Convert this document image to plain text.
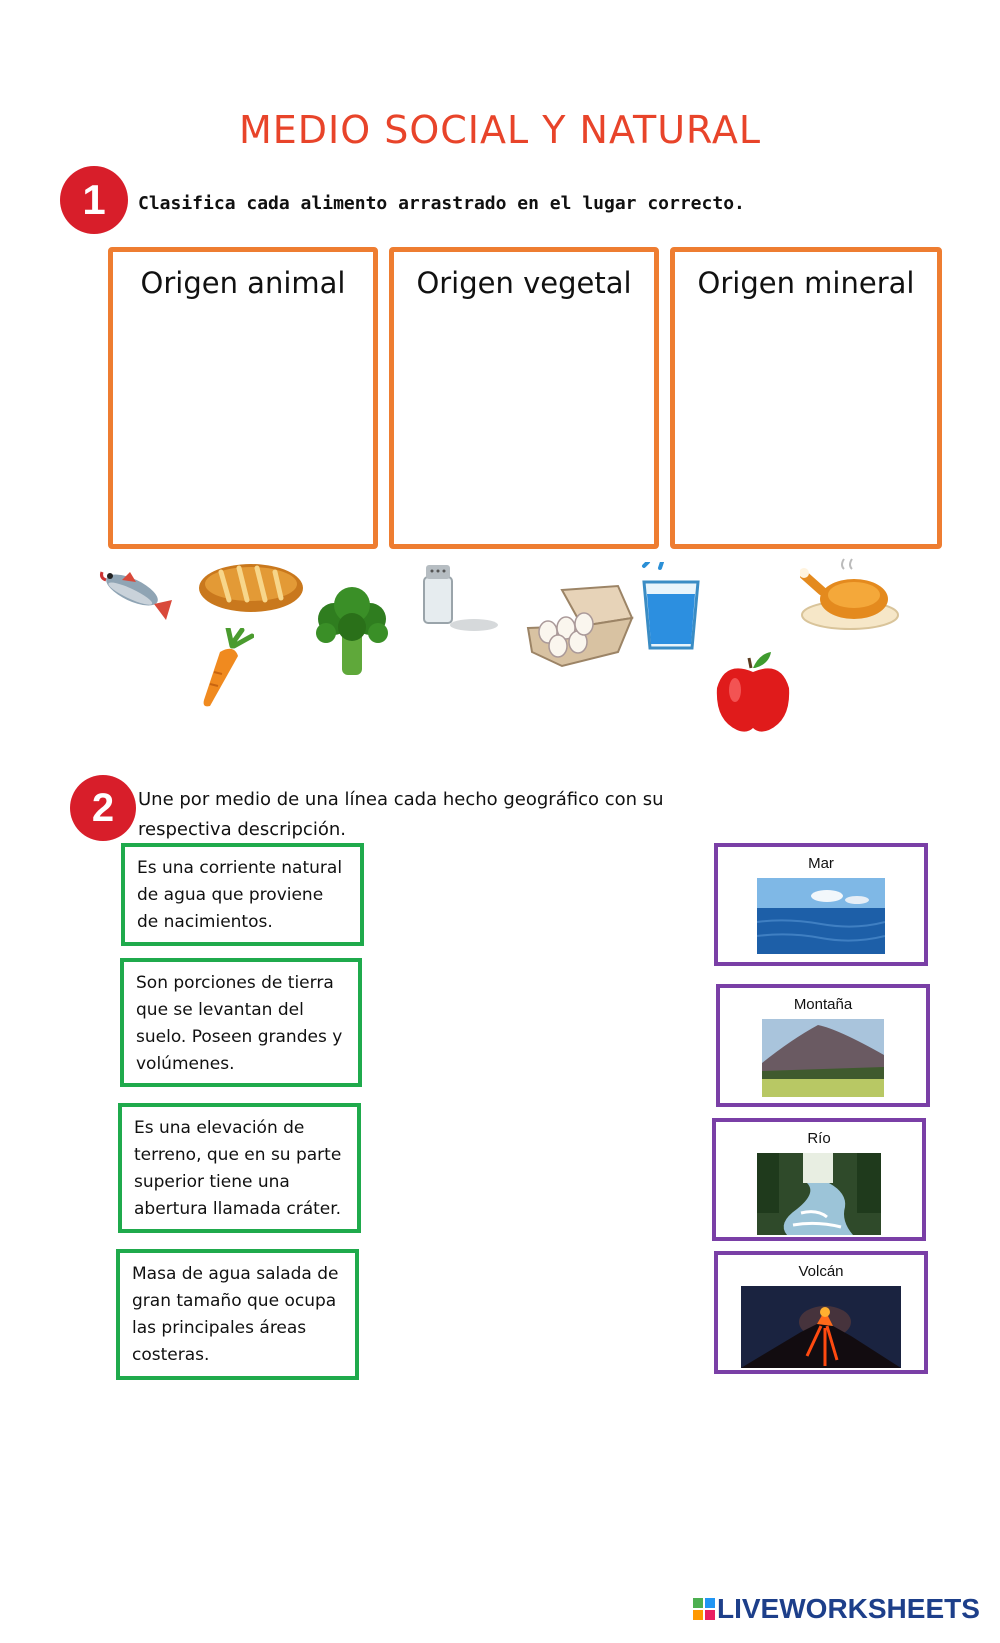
MEDIO SOCIAL Y NATURAL
1	Clasifica cada alimento arrastrado en el lugar correcto.
Origen animal	Origen vegetal	Origen mineral
2	Une por medio de una línea cada hecho geográfico con su respectiva descripción.
Es una corriente natural de agua que proviene de nacimientos.
Son porciones de tierra que se levantan del suelo. Poseen grandes y volúmenes.
Es una elevación de terreno, que en su parte superior tiene una abertura llamada cráter.
Masa de agua salada de gran tamaño que ocupa las principales áreas costeras.
Mar
Montaña
Río
Volcán
LIVEWORKSHEETS
